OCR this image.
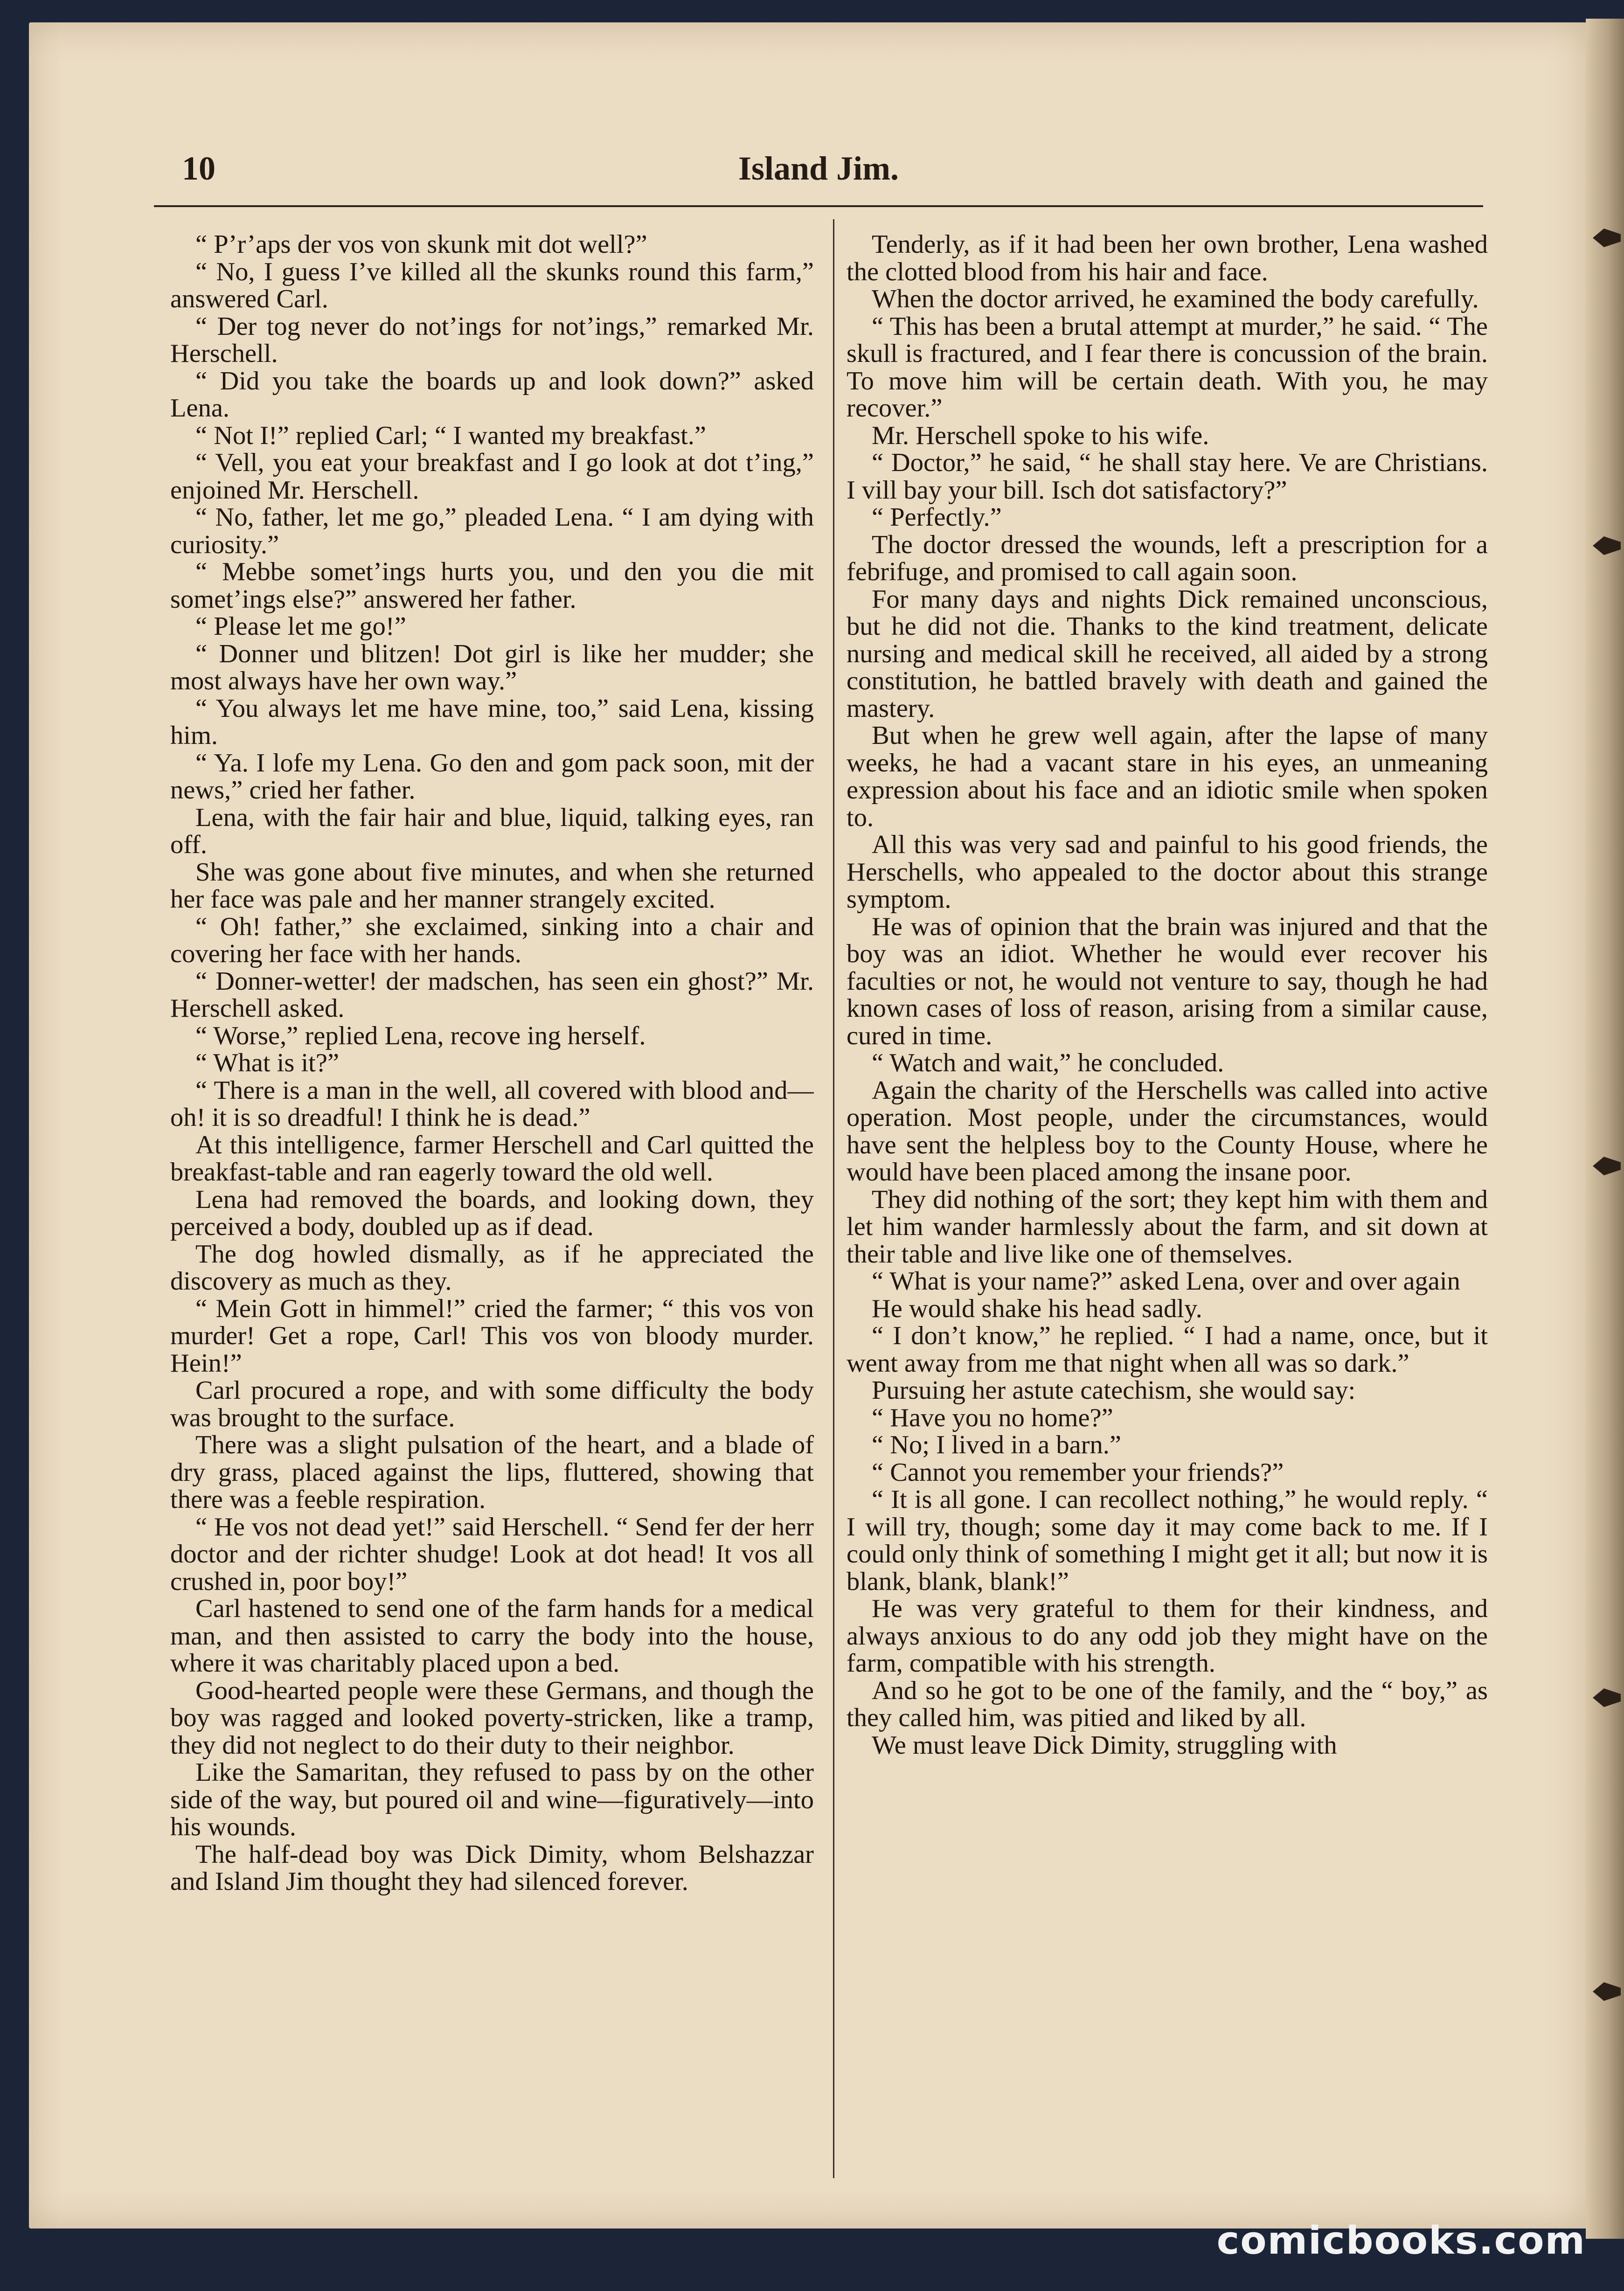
10	Island Jim.

“ P’r’aps der vos von skunk mit dot well?”

“ No, I guess I’ve killed all the skunks round this farm,” answered Carl.

“ Der tog never do not’ings for not’ings,” remarked Mr. Herschell.

“ Did you take the boards up and look down?” asked Lena.

“ Not I!” replied Carl; “ I wanted my breakfast.”

“ Vell, you eat your breakfast and I go look at dot t’ing,” enjoined Mr. Herschell.

“ No, father, let me go,” pleaded Lena. “ I am dying with curiosity.”

“ Mebbe somet’ings hurts you, und den you die mit somet’ings else?” answered her father.

“ Please let me go!”

“ Donner und blitzen! Dot girl is like her mudder; she most always have her own way.”

“ You always let me have mine, too,” said Lena, kissing him.

“ Ya. I lofe my Lena. Go den and gom pack soon, mit der news,” cried her father.

Lena, with the fair hair and blue, liquid, talking eyes, ran off.

She was gone about five minutes, and when she returned her face was pale and her manner strangely excited.

“ Oh! father,” she exclaimed, sinking into a chair and covering her face with her hands.

“ Donner-wetter! der madschen, has seen ein ghost?” Mr. Herschell asked.

“ Worse,” replied Lena, recove ing herself.

“ What is it?”

“ There is a man in the well, all covered with blood and—oh! it is so dreadful! I think he is dead.”

At this intelligence, farmer Herschell and Carl quitted the breakfast-table and ran eagerly toward the old well.

Lena had removed the boards, and looking down, they perceived a body, doubled up as if dead.

The dog howled dismally, as if he appreciated the discovery as much as they.

“ Mein Gott in himmel!” cried the farmer; “ this vos von murder! Get a rope, Carl! This vos von bloody murder. Hein!”

Carl procured a rope, and with some difficulty the body was brought to the surface.

There was a slight pulsation of the heart, and a blade of dry grass, placed against the lips, fluttered, showing that there was a feeble respiration.

“ He vos not dead yet!” said Herschell. “ Send fer der herr doctor and der richter shudge! Look at dot head! It vos all crushed in, poor boy!”

Carl hastened to send one of the farm hands for a medical man, and then assisted to carry the body into the house, where it was charitably placed upon a bed.

Good-hearted people were these Germans, and though the boy was ragged and looked poverty-stricken, like a tramp, they did not neglect to do their duty to their neighbor.

Like the Samaritan, they refused to pass by on the other side of the way, but poured oil and wine—figuratively—into his wounds.

The half-dead boy was Dick Dimity, whom Belshazzar and Island Jim thought they had silenced forever.

Tenderly, as if it had been her own brother, Lena washed the clotted blood from his hair and face.

When the doctor arrived, he examined the body carefully.

“ This has been a brutal attempt at murder,” he said. “ The skull is fractured, and I fear there is concussion of the brain. To move him will be certain death. With you, he may recover.”

Mr. Herschell spoke to his wife.

“ Doctor,” he said, “ he shall stay here. Ve are Christians. I vill bay your bill. Isch dot satisfactory?”

“ Perfectly.”

The doctor dressed the wounds, left a prescription for a febrifuge, and promised to call again soon.

For many days and nights Dick remained unconscious, but he did not die. Thanks to the kind treatment, delicate nursing and medical skill he received, all aided by a strong constitution, he battled bravely with death and gained the mastery.

But when he grew well again, after the lapse of many weeks, he had a vacant stare in his eyes, an unmeaning expression about his face and an idiotic smile when spoken to.

All this was very sad and painful to his good friends, the Herschells, who appealed to the doctor about this strange symptom.

He was of opinion that the brain was injured and that the boy was an idiot. Whether he would ever recover his faculties or not, he would not venture to say, though he had known cases of loss of reason, arising from a similar cause, cured in time.

“ Watch and wait,” he concluded.

Again the charity of the Herschells was called into active operation. Most people, under the circumstances, would have sent the helpless boy to the County House, where he would have been placed among the insane poor.

They did nothing of the sort; they kept him with them and let him wander harmlessly about the farm, and sit down at their table and live like one of themselves.

“ What is your name?” asked Lena, over and over again

He would shake his head sadly.

“ I don’t know,” he replied. “ I had a name, once, but it went away from me that night when all was so dark.”

Pursuing her astute catechism, she would say:

“ Have you no home?”

“ No; I lived in a barn.”

“ Cannot you remember your friends?”

“ It is all gone. I can recollect nothing,” he would reply. “ I will try, though; some day it may come back to me. If I could only think of something I might get it all; but now it is blank, blank, blank!”

He was very grateful to them for their kindness, and always anxious to do any odd job they might have on the farm, compatible with his strength.

And so he got to be one of the family, and the “ boy,” as they called him, was pitied and liked by all.

We must leave Dick Dimity, struggling with

comicbooks.com
